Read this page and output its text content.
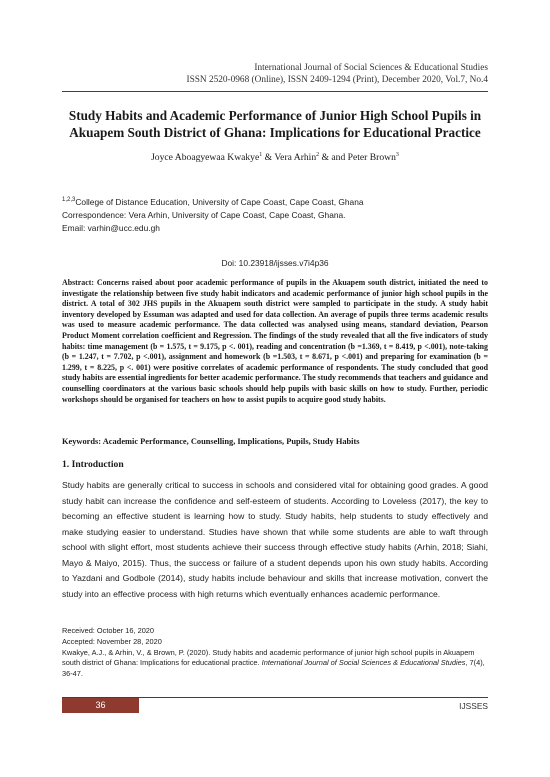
International Journal of Social Sciences & Educational Studies
ISSN 2520-0968 (Online), ISSN 2409-1294 (Print), December 2020, Vol.7, No.4
Study Habits and Academic Performance of Junior High School Pupils in Akuapem South District of Ghana: Implications for Educational Practice
Joyce Aboagyewaa Kwakye$^1$ & Vera Arhin$^2$ & and Peter Brown$^3$
$^{1,2,3}$College of Distance Education, University of Cape Coast, Cape Coast, Ghana
Correspondence: Vera Arhin, University of Cape Coast, Cape Coast, Ghana.
Email: varhin@ucc.edu.gh
Doi: 10.23918/ijsses.v7i4p36

Abstract: Concerns raised about poor academic performance of pupils in the Akuapem south district, initiated the need to investigate the relationship between five study habit indicators and academic performance of junior high school pupils in the district. A total of 302 JHS pupils in the Akuapem south district were sampled to participate in the study. A study habit inventory developed by Essuman was adapted and used for data collection. An average of pupils three terms academic results was used to measure academic performance. The data collected was analysed using means, standard deviation, Pearson Product Moment correlation coefficient and Regression. The findings of the study revealed that all the five indicators of study habits: time management (b = 1.575, t = 9.175, p <. 001), reading and concentration (b =1.369, t = 8.419, p <.001), note-taking (b = 1.247, t = 7.702, p <.001), assignment and homework (b =1.503, t = 8.671, p <.001) and preparing for examination (b = 1.299, t = 8.225, p <. 001) were positive correlates of academic performance of respondents. The study concluded that good study habits are essential ingredients for better academic performance. The study recommends that teachers and guidance and counselling coordinators at the various basic schools should help pupils with basic skills on how to study. Further, periodic workshops should be organised for teachers on how to assist pupils to acquire good study habits.

Keywords: Academic Performance, Counselling, Implications, Pupils, Study Habits
1. Introduction

Study habits are generally critical to success in schools and considered vital for obtaining good grades. A good study habit can increase the confidence and self-esteem of students. According to Loveless (2017), the key to becoming an effective student is learning how to study. Study habits, help students to study effectively and make studying easier to understand. Studies have shown that while some students are able to waft through school with slight effort, most students achieve their success through effective study habits (Arhin, 2018; Siahi, Mayo & Maiyo, 2015). Thus, the success or failure of a student depends upon his own study habits. According to Yazdani and Godbole (2014), study habits include behaviour and skills that increase motivation, convert the study into an effective process with high returns which eventually enhances academic performance.

Received: October 16, 2020
Accepted: November 28, 2020
Kwakye, A.J., & Arhin, V., & Brown, P. (2020). Study habits and academic performance of junior high school pupils in Akuapem south district of Ghana: Implications for educational practice. International Journal of Social Sciences & Educational Studies, 7(4), 36-47.
36	IJSSES
